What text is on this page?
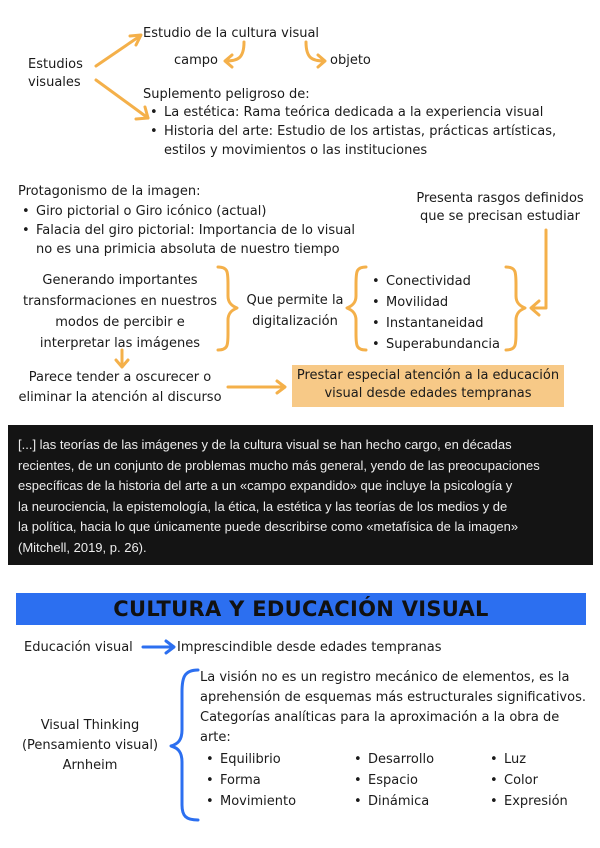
Estudios
visuales
Estudio de la cultura visual
campo	objeto
Suplemento peligroso de:
• La estética: Rama teórica dedicada a la experiencia visual
• Historia del arte: Estudio de los artistas, prácticas artísticas,
estilos y movimientos o las instituciones
Protagonismo de la imagen:
• Giro pictorial o Giro icónico (actual)
• Falacia del giro pictorial: Importancia de lo visual
no es una primicia absoluta de nuestro tiempo
Presenta rasgos definidos
que se precisan estudiar
Generando importantes
transformaciones en nuestros
modos de percibir e
interpretar las imágenes
Que permite la
digitalización
• Conectividad
• Movilidad
• Instantaneidad
• Superabundancia
Parece tender a oscurecer o
eliminar la atención al discurso
Prestar especial atención a la educación
visual desde edades tempranas
[...] las teorías de las imágenes y de la cultura visual se han hecho cargo, en décadas
recientes, de un conjunto de problemas mucho más general, yendo de las preocupaciones
específicas de la historia del arte a un «campo expandido» que incluye la psicología y
la neurociencia, la epistemología, la ética, la estética y las teorías de los medios y de
la política, hacia lo que únicamente puede describirse como «metafísica de la imagen»
(Mitchell, 2019, p. 26).
CULTURA Y EDUCACIÓN VISUAL
Educación visual	Imprescindible desde edades tempranas
Visual Thinking
(Pensamiento visual)
Arnheim
La visión no es un registro mecánico de elementos, es la
aprehensión de esquemas más estructurales significativos.
Categorías analíticas para la aproximación a la obra de
arte:
• Equilibrio
• Forma
• Movimiento
• Desarrollo
• Espacio
• Dinámica
• Luz
• Color
• Expresión
